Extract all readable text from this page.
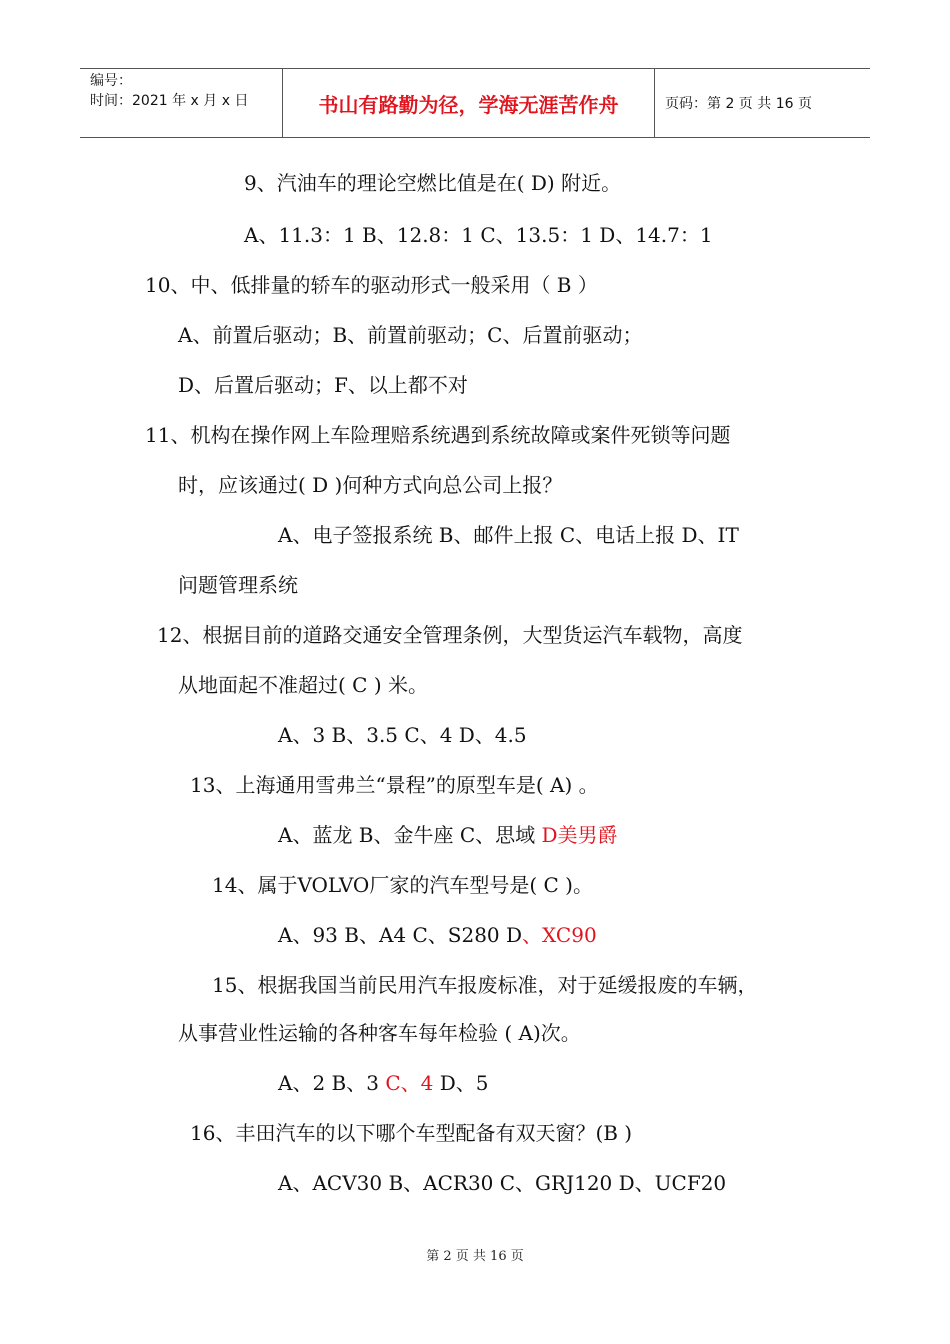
编号：
时间：2021 年 x 月 x 日	书山有路勤为径，学海无涯苦作舟	页码：第 2 页 共 16 页
9、汽油车的理论空燃比值是在( D) 附近。
A、11.3：1 B、12.8：1 C、13.5：1 D、14.7：1
10、中、低排量的轿车的驱动形式一般采用（ B ）
A、前置后驱动；B、前置前驱动；C、后置前驱动；
D、后置后驱动；F、以上都不对
11、机构在操作网上车险理赔系统遇到系统故障或案件死锁等问题
时，应该通过( D )何种方式向总公司上报？
A、电子签报系统 B、邮件上报 C、电话上报 D、IT
问题管理系统
12、根据目前的道路交通安全管理条例，大型货运汽车载物，高度
从地面起不准超过( C ) 米。
A、3 B、3.5 C、4 D、4.5
13、上海通用雪弗兰“景程”的原型车是( A) 。
A、蓝龙 B、金牛座 C、思域 D美男爵
14、属于VOLVO厂家的汽车型号是( C )。
A、93 B、A4 C、S280 D、XC90
15、根据我国当前民用汽车报废标准，对于延缓报废的车辆，
从事营业性运输的各种客车每年检验 ( A)次。
A、2 B、3 C、4 D、5
16、丰田汽车的以下哪个车型配备有双天窗？(B )
A、ACV30 B、ACR30 C、GRJ120 D、UCF20
第 2 页 共 16 页
